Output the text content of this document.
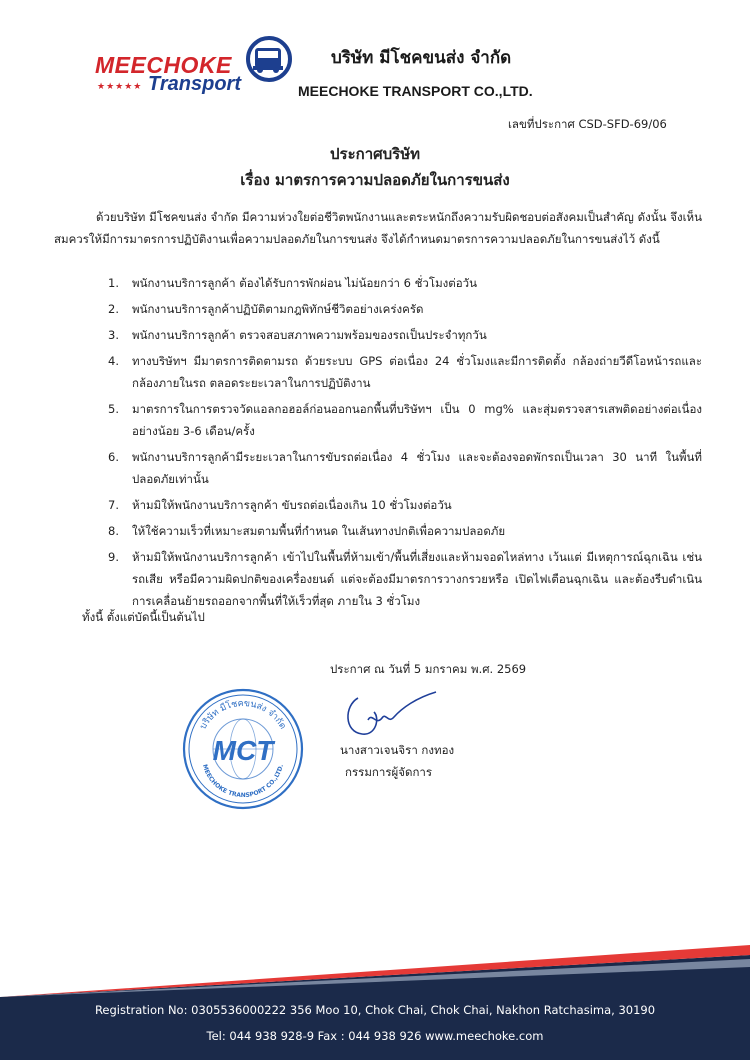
MEECHOKE
Transport
★★★★★
บริษัท มีโชคขนส่ง จำกัด
MEECHOKE TRANSPORT CO.,LTD.
เลขที่ประกาศ CSD-SFD-69/06
ประกาศบริษัท
เรื่อง มาตรการความปลอดภัยในการขนส่ง
ด้วยบริษัท มีโชคขนส่ง จำกัด มีความห่วงใยต่อชีวิตพนักงานและตระหนักถึงความรับผิดชอบต่อสังคมเป็นสำคัญ ดังนั้น จึงเห็นสมควรให้มีการมาตรการปฏิบัติงานเพื่อความปลอดภัยในการขนส่ง จึงได้กำหนดมาตรการความปลอดภัยในการขนส่งไว้ ดังนี้
1. พนักงานบริการลูกค้า ต้องได้รับการพักผ่อน ไม่น้อยกว่า 6 ชั่วโมงต่อวัน
2. พนักงานบริการลูกค้าปฏิบัติตามกฎพิทักษ์ชีวิตอย่างเคร่งครัด
3. พนักงานบริการลูกค้า ตรวจสอบสภาพความพร้อมของรถเป็นประจำทุกวัน
4. ทางบริษัทฯ มีมาตรการติดตามรถ ด้วยระบบ GPS ต่อเนื่อง 24 ชั่วโมงและมีการติดตั้ง กล้องถ่ายวีดีโอหน้ารถและกล้องภายในรถ ตลอดระยะเวลาในการปฏิบัติงาน
5. มาตรการในการตรวจวัดแอลกอฮอล์ก่อนออกนอกพื้นที่บริษัทฯ เป็น 0 mg% และสุ่มตรวจสารเสพติดอย่างต่อเนื่องอย่างน้อย 3-6 เดือน/ครั้ง
6. พนักงานบริการลูกค้ามีระยะเวลาในการขับรถต่อเนื่อง 4 ชั่วโมง และจะต้องจอดพักรถเป็นเวลา 30 นาที ในพื้นที่ปลอดภัยเท่านั้น
7. ห้ามมิให้พนักงานบริการลูกค้า ขับรถต่อเนื่องเกิน 10 ชั่วโมงต่อวัน
8. ให้ใช้ความเร็วที่เหมาะสมตามพื้นที่กำหนด ในเส้นทางปกติเพื่อความปลอดภัย
9. ห้ามมิให้พนักงานบริการลูกค้า เข้าไปในพื้นที่ห้ามเข้า/พื้นที่เสี่ยงและห้ามจอดไหล่ทาง เว้นแต่ มีเหตุการณ์ฉุกเฉิน เช่น รถเสีย หรือมีความผิดปกติของเครื่องยนต์ แต่จะต้องมีมาตรการวางกรวยหรือ เปิดไฟเตือนฉุกเฉิน และต้องรีบดำเนินการเคลื่อนย้ายรถออกจากพื้นที่ให้เร็วที่สุด ภายใน 3 ชั่วโมง
ทั้งนี้ ตั้งแต่บัดนี้เป็นต้นไป
ประกาศ ณ วันที่ 5 มกราคม พ.ศ. 2569
นางสาวเจนจิรา กงทอง
กรรมการผู้จัดการ
บริษัท มีโชคขนส่ง จำกัด
MEECHOKE TRANSPORT CO.,LTD.
MCT
Registration No: 0305536000222 356 Moo 10, Chok Chai, Chok Chai, Nakhon Ratchasima, 30190
Tel: 044 938 928-9 Fax : 044 938 926 www.meechoke.com
